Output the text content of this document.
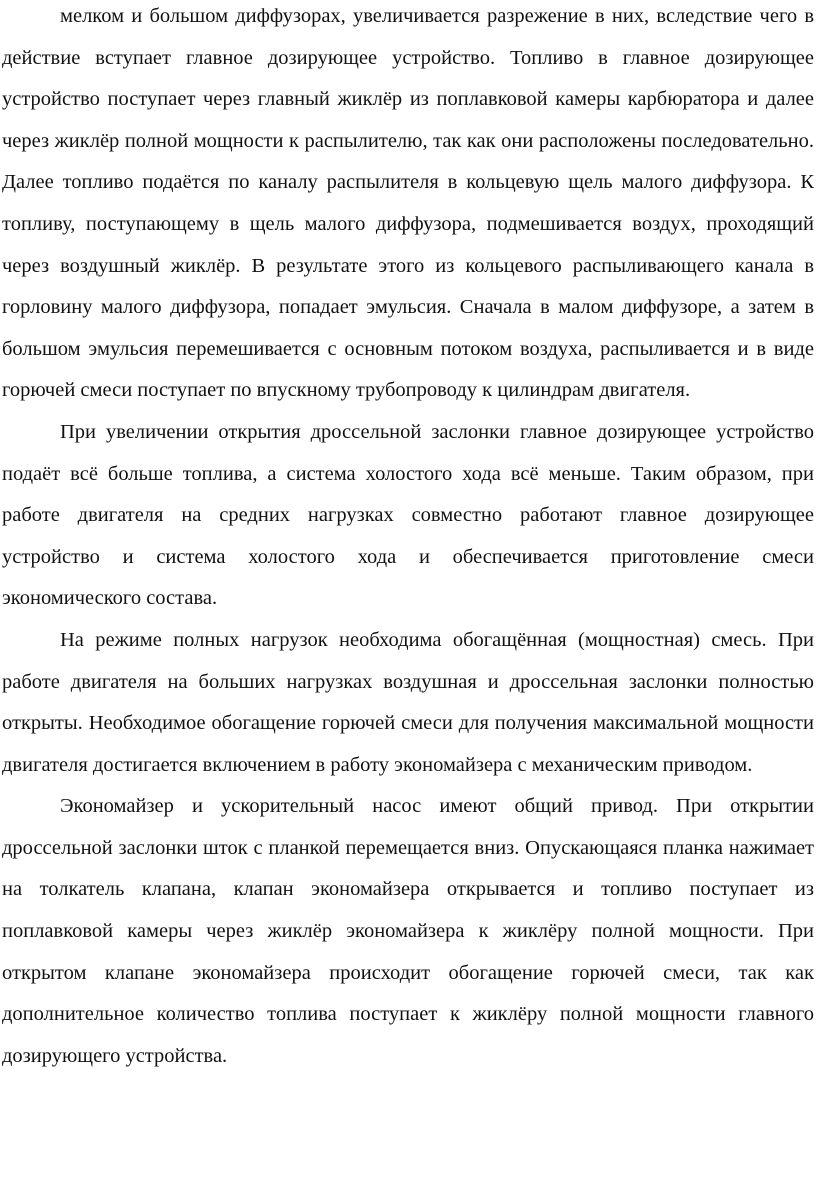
мелком и большом диффузорах, увеличивается разрежение в них, вследствие чего в действие вступает главное дозирующее устройство. Топливо в главное дозирующее устройство поступает через главный жиклёр из поплавковой камеры карбюратора и далее через жиклёр полной мощности к распылителю, так как они расположены последовательно. Далее топливо подаётся по каналу распылителя в кольцевую щель малого диффузора. К топливу, поступающему в щель малого диффузора, подмешивается воздух, проходящий через воздушный жиклёр. В результате этого из кольцевого распыливающего канала в горловину малого диффузора, попадает эмульсия. Сначала в малом диффузоре, а затем в большом эмульсия перемешивается с основным потоком воздуха, распыливается и в виде горючей смеси поступает по впускному трубопроводу к цилиндрам двигателя.

При увеличении открытия дроссельной заслонки главное дозирующее устройство подаёт всё больше топлива, а система холостого хода всё меньше. Таким образом, при работе двигателя на средних нагрузках совместно работают главное дозирующее устройство и система холостого хода и обеспечивается приготовление смеси экономического состава.

На режиме полных нагрузок необходима обогащённая (мощностная) смесь. При работе двигателя на больших нагрузках воздушная и дроссельная заслонки полностью открыты. Необходимое обогащение горючей смеси для получения максимальной мощности двигателя достигается включением в работу экономайзера с механическим приводом.

Экономайзер и ускорительный насос имеют общий привод. При открытии дроссельной заслонки шток с планкой перемещается вниз. Опускающаяся планка нажимает на толкатель клапана, клапан экономайзера открывается и топливо поступает из поплавковой камеры через жиклёр экономайзера к жиклёру полной мощности. При открытом клапане экономайзера происходит обогащение горючей смеси, так как дополнительное количество топлива поступает к жиклёру полной мощности главного дозирующего устройства.
